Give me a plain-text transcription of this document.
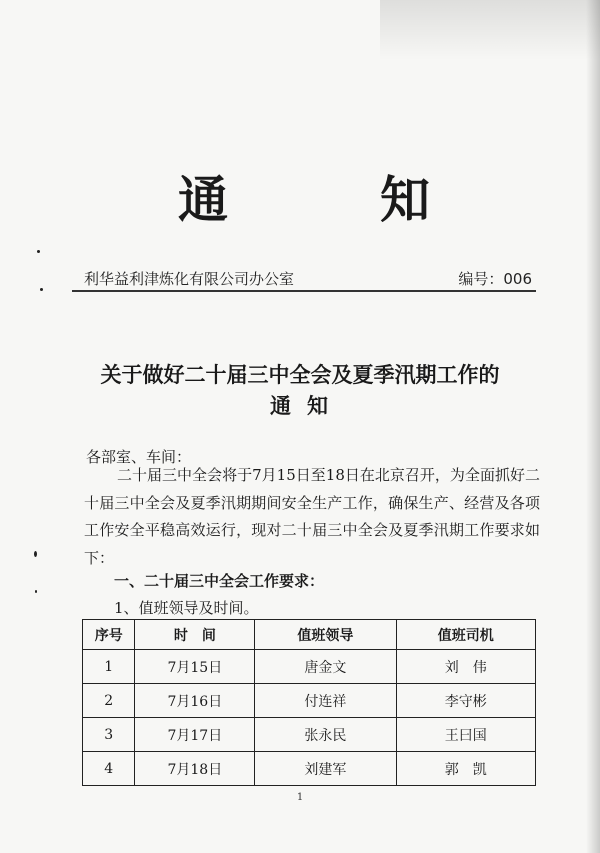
通	知
利华益利津炼化有限公司办公室	编号：006
关于做好二十届三中全会及夏季汛期工作的
通知
各部室、车间：
二十届三中全会将于7月15日至18日在北京召开，为全面抓好二十届三中全会及夏季汛期期间安全生产工作，确保生产、经营及各项工作安全平稳高效运行，现对二十届三中全会及夏季汛期工作要求如下：
一、二十届三中全会工作要求：
1、值班领导及时间。
序号	时　间	值班领导	值班司机
1	7月15日	唐金文	刘　伟
2	7月16日	付连祥	李守彬
3	7月17日	张永民	王曰国
4	7月18日	刘建军	郭　凯
1
